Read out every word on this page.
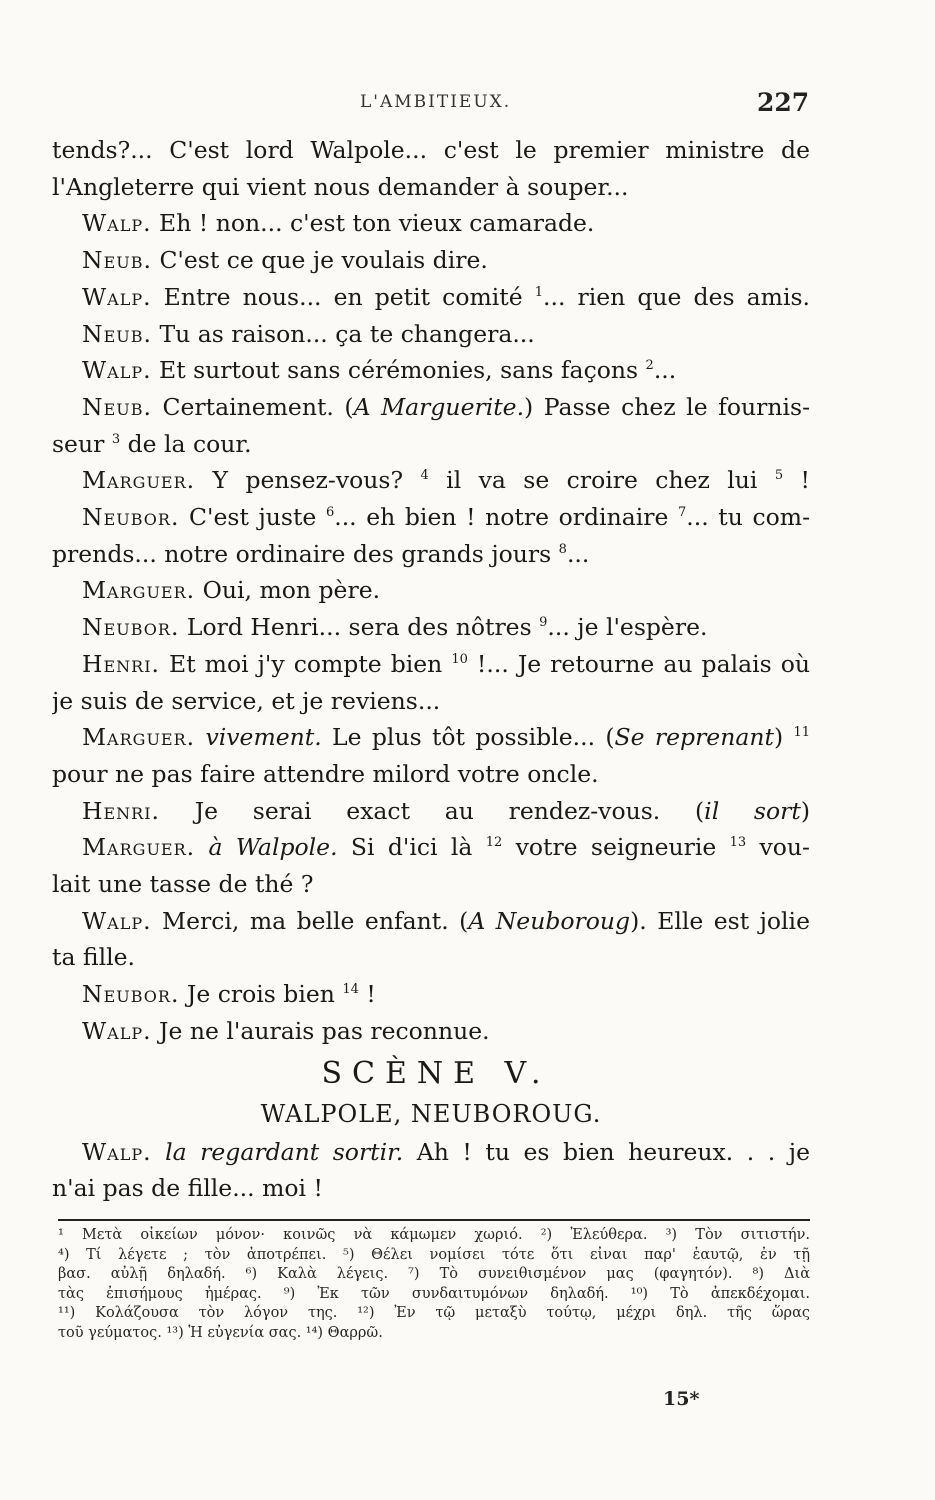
L'AMBITIEUX.	227
tends?... C'est lord Walpole... c'est le premier ministre de
l'Angleterre qui vient nous demander à souper...
Walp. Eh ! non... c'est ton vieux camarade.
Neub. C'est ce que je voulais dire.
Walp. Entre nous... en petit comité $^1$... rien que des amis.
Neub. Tu as raison... ça te changera...
Walp. Et surtout sans cérémonies, sans façons $^2$...
Neub. Certainement. (A Marguerite.) Passe chez le fournis-
seur $^3$ de la cour.
Marguer. Y pensez-vous? $^4$ il va se croire chez lui $^5$ !
Neubor. C'est juste $^6$... eh bien ! notre ordinaire $^7$... tu com-
prends... notre ordinaire des grands jours $^8$...
Marguer. Oui, mon père.
Neubor. Lord Henri... sera des nôtres $^9$... je l'espère.
Henri. Et moi j'y compte bien $^{10}$ !... Je retourne au palais où
je suis de service, et je reviens...
Marguer. vivement. Le plus tôt possible... (Se reprenant) $^{11}$
pour ne pas faire attendre milord votre oncle.
Henri. Je serai exact au rendez-vous. (il sort)
Marguer. à Walpole. Si d'ici là $^{12}$ votre seigneurie $^{13}$ vou-
lait une tasse de thé ?
Walp. Merci, ma belle enfant. (A Neuboroug). Elle est jolie
ta fille.
Neubor. Je crois bien $^{14}$ !
Walp. Je ne l'aurais pas reconnue.
SCÈNE V.
WALPOLE, NEUBOROUG.
Walp. la regardant sortir. Ah ! tu es bien heureux. . . je
n'ai pas de fille... moi !
¹ Μετὰ οἰκείων μόνον· κοινῶς νὰ κάμωμεν χωριό. ²) Ἐλεύθερα. ³) Τὸν σιτιστήν.
⁴) Τί λέγετε ; τὸν ἀποτρέπει. ⁵) Θέλει νομίσει τότε ὅτι εἶναι παρ' ἑαυτῷ, ἐν τῇ
βασ. αὐλῇ δηλαδή. ⁶) Καλὰ λέγεις. ⁷) Τὸ συνειθισμένον μας (φαγητόν). ⁸) Διὰ
τὰς ἐπισήμους ἡμέρας. ⁹) Ἐκ τῶν συνδαιτυμόνων δηλαδή. ¹⁰) Τὸ ἀπεκδέχομαι.
¹¹) Κολάζουσα τὸν λόγον της. ¹²) Ἐν τῷ μεταξὺ τούτῳ, μέχρι δηλ. τῆς ὥρας
τοῦ γεύματος. ¹³) Ἡ εὐγενία σας. ¹⁴) Θαρρῶ.
15*
